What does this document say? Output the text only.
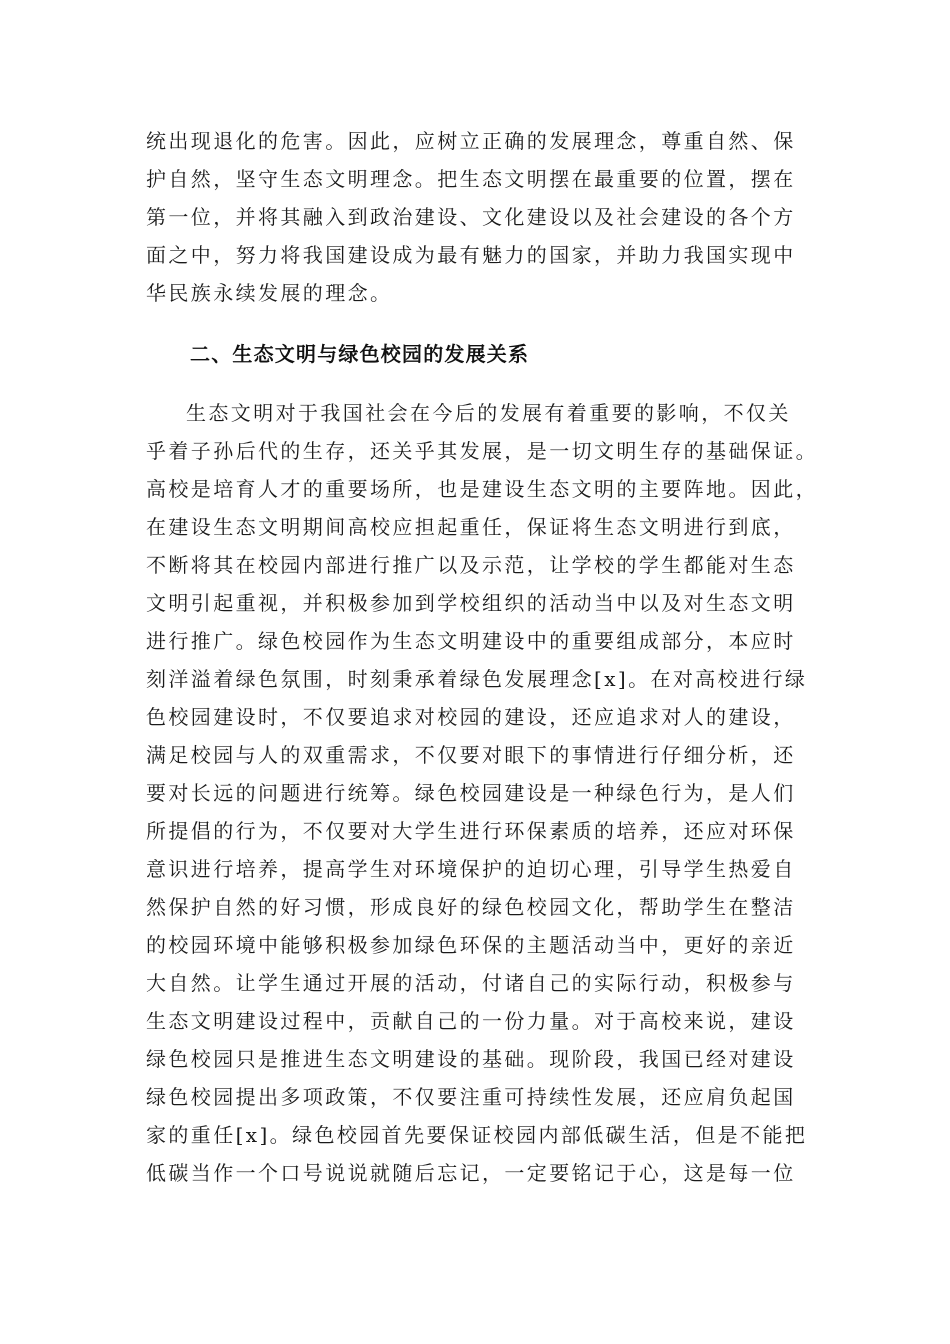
统出现退化的危害。因此，应树立正确的发展理念，尊重自然、保
护自然，坚守生态文明理念。把生态文明摆在最重要的位置，摆在
第一位，并将其融入到政治建设、文化建设以及社会建设的各个方
面之中，努力将我国建设成为最有魅力的国家，并助力我国实现中
华民族永续发展的理念。
二、生态文明与绿色校园的发展关系
生态文明对于我国社会在今后的发展有着重要的影响，不仅关
乎着子孙后代的生存，还关乎其发展，是一切文明生存的基础保证。
高校是培育人才的重要场所，也是建设生态文明的主要阵地。因此，
在建设生态文明期间高校应担起重任，保证将生态文明进行到底，
不断将其在校园内部进行推广以及示范，让学校的学生都能对生态
文明引起重视，并积极参加到学校组织的活动当中以及对生态文明
进行推广。绿色校园作为生态文明建设中的重要组成部分，本应时
刻洋溢着绿色氛围，时刻秉承着绿色发展理念[x]。在对高校进行绿
色校园建设时，不仅要追求对校园的建设，还应追求对人的建设，
满足校园与人的双重需求，不仅要对眼下的事情进行仔细分析，还
要对长远的问题进行统筹。绿色校园建设是一种绿色行为，是人们
所提倡的行为，不仅要对大学生进行环保素质的培养，还应对环保
意识进行培养，提高学生对环境保护的迫切心理，引导学生热爱自
然保护自然的好习惯，形成良好的绿色校园文化，帮助学生在整洁
的校园环境中能够积极参加绿色环保的主题活动当中，更好的亲近
大自然。让学生通过开展的活动，付诸自己的实际行动，积极参与
生态文明建设过程中，贡献自己的一份力量。对于高校来说，建设
绿色校园只是推进生态文明建设的基础。现阶段，我国已经对建设
绿色校园提出多项政策，不仅要注重可持续性发展，还应肩负起国
家的重任[x]。绿色校园首先要保证校园内部低碳生活，但是不能把
低碳当作一个口号说说就随后忘记，一定要铭记于心，这是每一位
